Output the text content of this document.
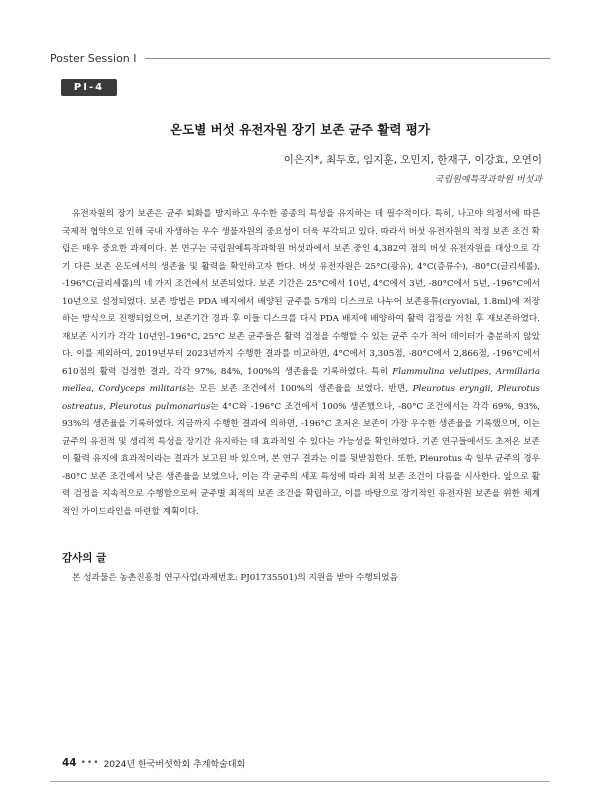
Poster Session Ⅰ
PI-4
온도별 버섯 유전자원 장기 보존 균주 활력 평가
이은지*, 최두호, 임지훈, 오민지, 한재구, 이강효, 오연이
국립원예특작과학원 버섯과

유전자원의 장기 보존은 균주 퇴화를 방지하고 우수한 종종의 특성을 유지하는 데 필수적이다. 특히, 나고야 의정서에 따른 국제적 협약으로 인해 국내 자생하는 우수 생물자원의 중요성이 더욱 부각되고 있다. 따라서 버섯 유전자원의 적정 보존 조건 확립은 매우 중요한 과제이다. 본 연구는 국립원예특작과학원 버섯과에서 보존 중인 4,382여 점의 버섯 유전자원을 대상으로 각기 다른 보존 온도에서의 생존율 및 활력을 확인하고자 한다. 버섯 유전자원은 25°C(광유), 4°C(증류수), -80°C(글리세롤), -196°C(글리세롤)의 네 가지 조건에서 보존되었다. 보존 기간은 25°C에서 10년, 4°C에서 3년, -80°C에서 5년, -196°C에서 10년으로 설정되었다. 보존 방법은 PDA 배지에서 배양된 균주를 5개의 디스크로 나누어 보존용튜(cryovial, 1.8ml)에 저장하는 방식으로 진행되었으며, 보존기간 경과 후 이들 디스크를 다시 PDA 배지에 배양하여 활력 검정을 거친 후 재보존하였다. 재보존 시기가 각각 10년인–196°C, 25°C 보존 균주들은 활력 검정을 수행할 수 있는 균주 수가 적어 데이터가 충분하지 않았다. 이를 제외하여, 2019년부터 2023년까지 수행한 결과를 비교하면, 4°C에서 3,305점, -80°C에서 2,866점, -196°C에서 610점의 활력 검정한 결과, 각각 97%, 84%, 100%의 생존율을 기록하였다. 특히 Flammulina velutipes, Armillaria mellea, Cordyceps militaris는 모든 보존 조건에서 100%의 생존율을 보였다. 반면, Pleurotus eryngii, Pleurotus ostreatus, Pleurotus pulmonarius는 4°C와 -196°C 조건에서 100% 생존했으나, -80°C 조건에서는 각각 69%, 93%, 93%의 생존율을 기록하였다. 지금까지 수행한 결과에 의하면, -196°C 초저온 보존이 가장 우수한 생존율을 기록했으며, 이는 균주의 유전적 및 생리적 특성을 장기간 유지하는 데 효과적일 수 있다는 가능성을 확인하였다. 기존 연구들에서도 초저온 보존이 활력 유지에 효과적이라는 결과가 보고된 바 있으며, 본 연구 결과는 이를 뒷받침한다. 또한, Pleurotus 속 일부 균주의 경우 -80°C 보존 조건에서 낮은 생존율을 보였으나, 이는 각 균주의 세포 특성에 따라 최적 보존 조건이 다름을 시사한다. 앞으로 활력 검정을 지속적으로 수행함으로써 균주별 최적의 보존 조건을 확립하고, 이를 바탕으로 장기적인 유전자원 보존을 위한 체계적인 가이드라인을 마련할 계획이다.

감사의 글
본 성과물은 농촌진흥청 연구사업(과제번호: PJ01735501)의 지원을 받아 수행되었음
44 ••• 2024년 한국버섯학회 추계학술대회
